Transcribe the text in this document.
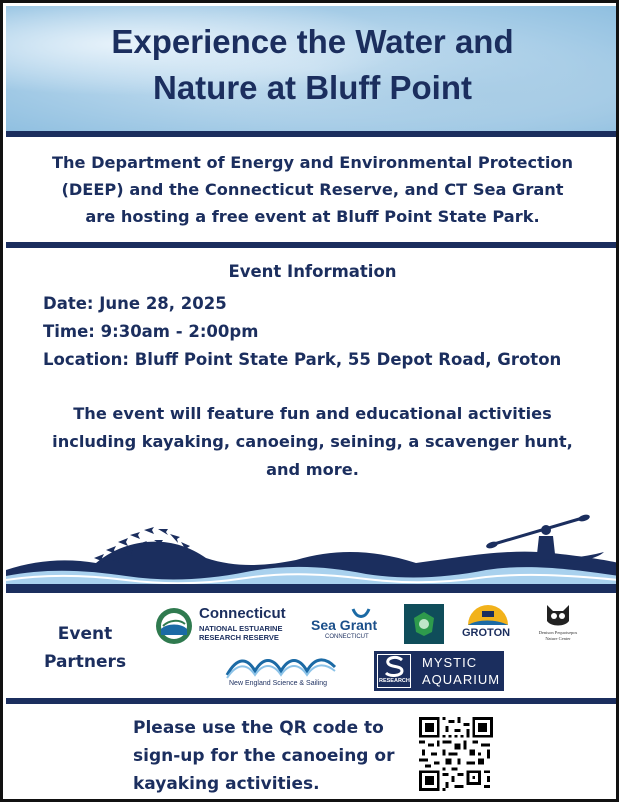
Experience the Water and
Nature at Bluff Point
The Department of Energy and Environmental Protection
(DEEP) and the Connecticut Reserve, and CT Sea Grant
are hosting a free event at Bluff Point State Park.
Event Information
Date: June 28, 2025
Time: 9:30am - 2:00pm
Location: Bluff Point State Park, 55 Depot Road, Groton
The event will feature fun and educational activities
including kayaking, canoeing, seining, a scavenger hunt,
and more.
Event
Partners
Connecticut
NATIONAL ESTUARINE
RESEARCH RESERVE
Sea Grant
CONNECTICUT	GROTON	Denison Pequotsepos Nature Center
New England Science & Sailing	RESEARCH
MYSTIC
AQUARIUM
Please use the QR code to
sign-up for the canoeing or
kayaking activities.
